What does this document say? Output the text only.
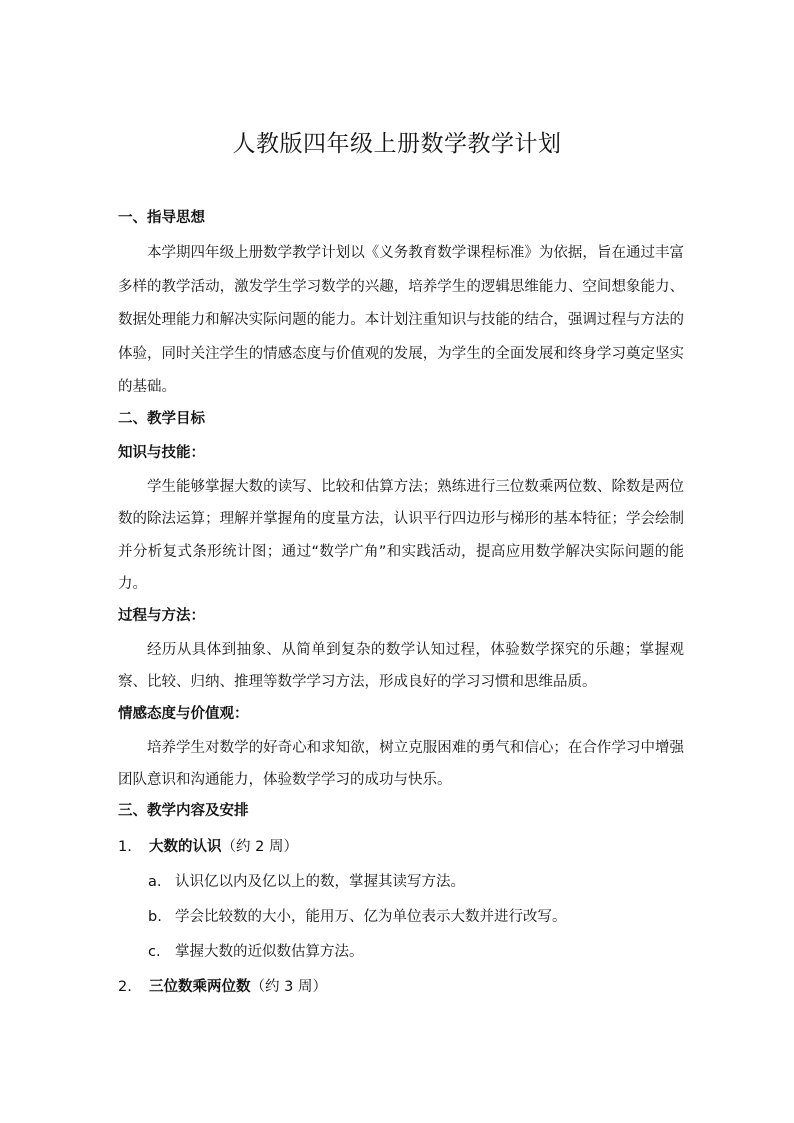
人教版四年级上册数学教学计划
一、指导思想
本学期四年级上册数学教学计划以《义务教育数学课程标准》为依据，旨在通过丰富多样的教学活动，激发学生学习数学的兴趣，培养学生的逻辑思维能力、空间想象能力、数据处理能力和解决实际问题的能力。本计划注重知识与技能的结合，强调过程与方法的体验，同时关注学生的情感态度与价值观的发展，为学生的全面发展和终身学习奠定坚实的基础。
二、教学目标
知识与技能：
学生能够掌握大数的读写、比较和估算方法；熟练进行三位数乘两位数、除数是两位数的除法运算；理解并掌握角的度量方法，认识平行四边形与梯形的基本特征；学会绘制并分析复式条形统计图；通过“数学广角”和实践活动，提高应用数学解决实际问题的能力。
过程与方法：
经历从具体到抽象、从简单到复杂的数学认知过程，体验数学探究的乐趣；掌握观察、比较、归纳、推理等数学学习方法，形成良好的学习习惯和思维品质。
情感态度与价值观：
培养学生对数学的好奇心和求知欲，树立克服困难的勇气和信心；在合作学习中增强团队意识和沟通能力，体验数学学习的成功与快乐。
三、教学内容及安排
1. 大数的认识（约 2 周）
a. 认识亿以内及亿以上的数，掌握其读写方法。
b. 学会比较数的大小，能用万、亿为单位表示大数并进行改写。
c. 掌握大数的近似数估算方法。
2. 三位数乘两位数（约 3 周）
